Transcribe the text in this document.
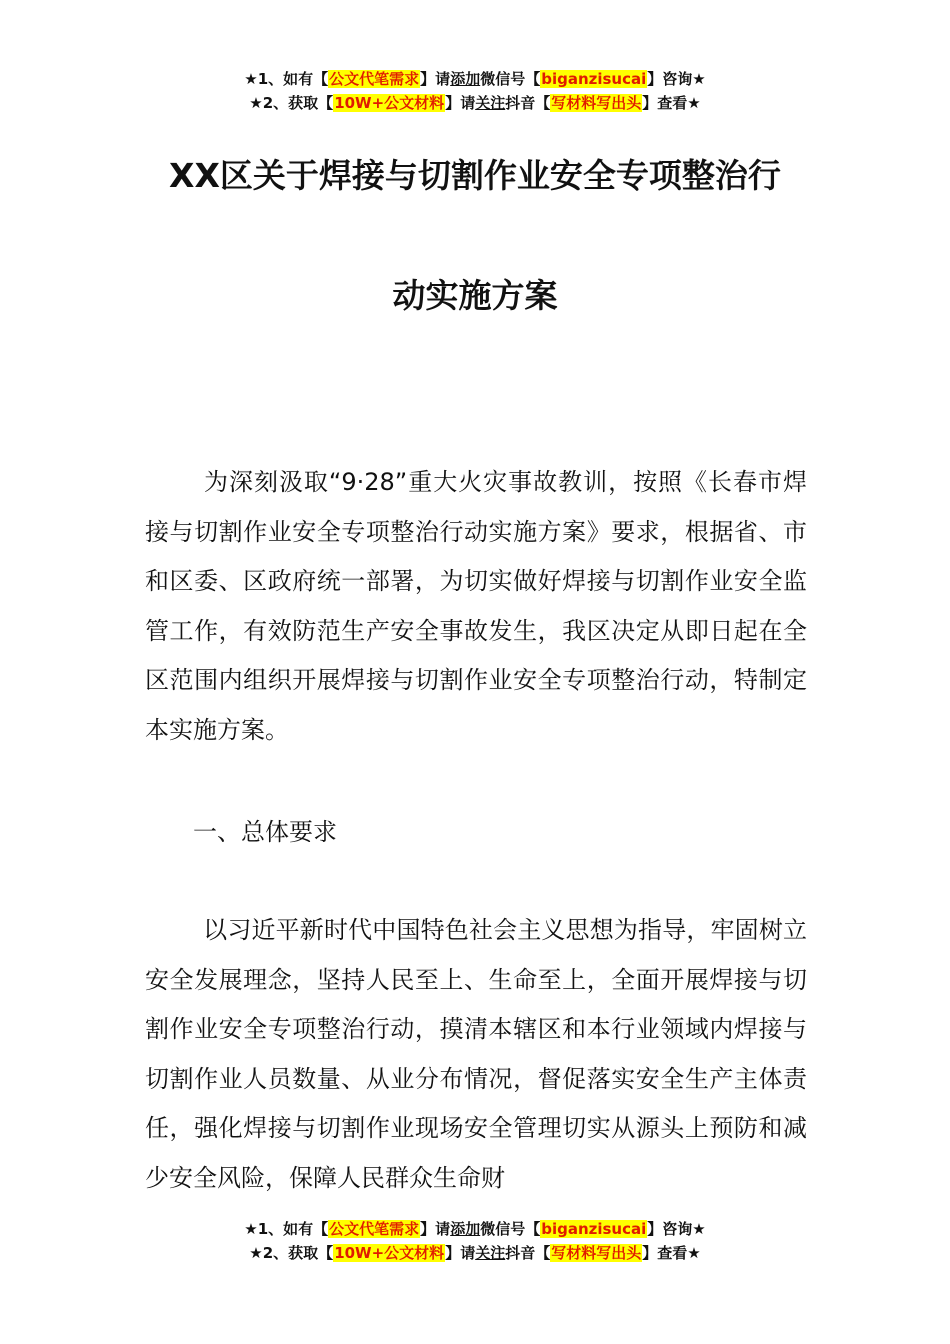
★1、如有【公文代笔需求】请添加微信号【biganzisucai】咨询★
★2、获取【10W+公文材料】请关注抖音【写材料写出头】查看★
XX区关于焊接与切割作业安全专项整治行
动实施方案
为深刻汲取“9·28”重大火灾事故教训，按照《长春市焊接与切割作业安全专项整治行动实施方案》要求，根据省、市和区委、区政府统一部署，为切实做好焊接与切割作业安全监管工作，有效防范生产安全事故发生，我区决定从即日起在全区范围内组织开展焊接与切割作业安全专项整治行动，特制定本实施方案。
一、总体要求
以习近平新时代中国特色社会主义思想为指导，牢固树立安全发展理念，坚持人民至上、生命至上，全面开展焊接与切割作业安全专项整治行动，摸清本辖区和本行业领域内焊接与切割作业人员数量、从业分布情况，督促落实安全生产主体责任，强化焊接与切割作业现场安全管理切实从源头上预防和减少安全风险，保障人民群众生命财
★1、如有【公文代笔需求】请添加微信号【biganzisucai】咨询★
★2、获取【10W+公文材料】请关注抖音【写材料写出头】查看★
